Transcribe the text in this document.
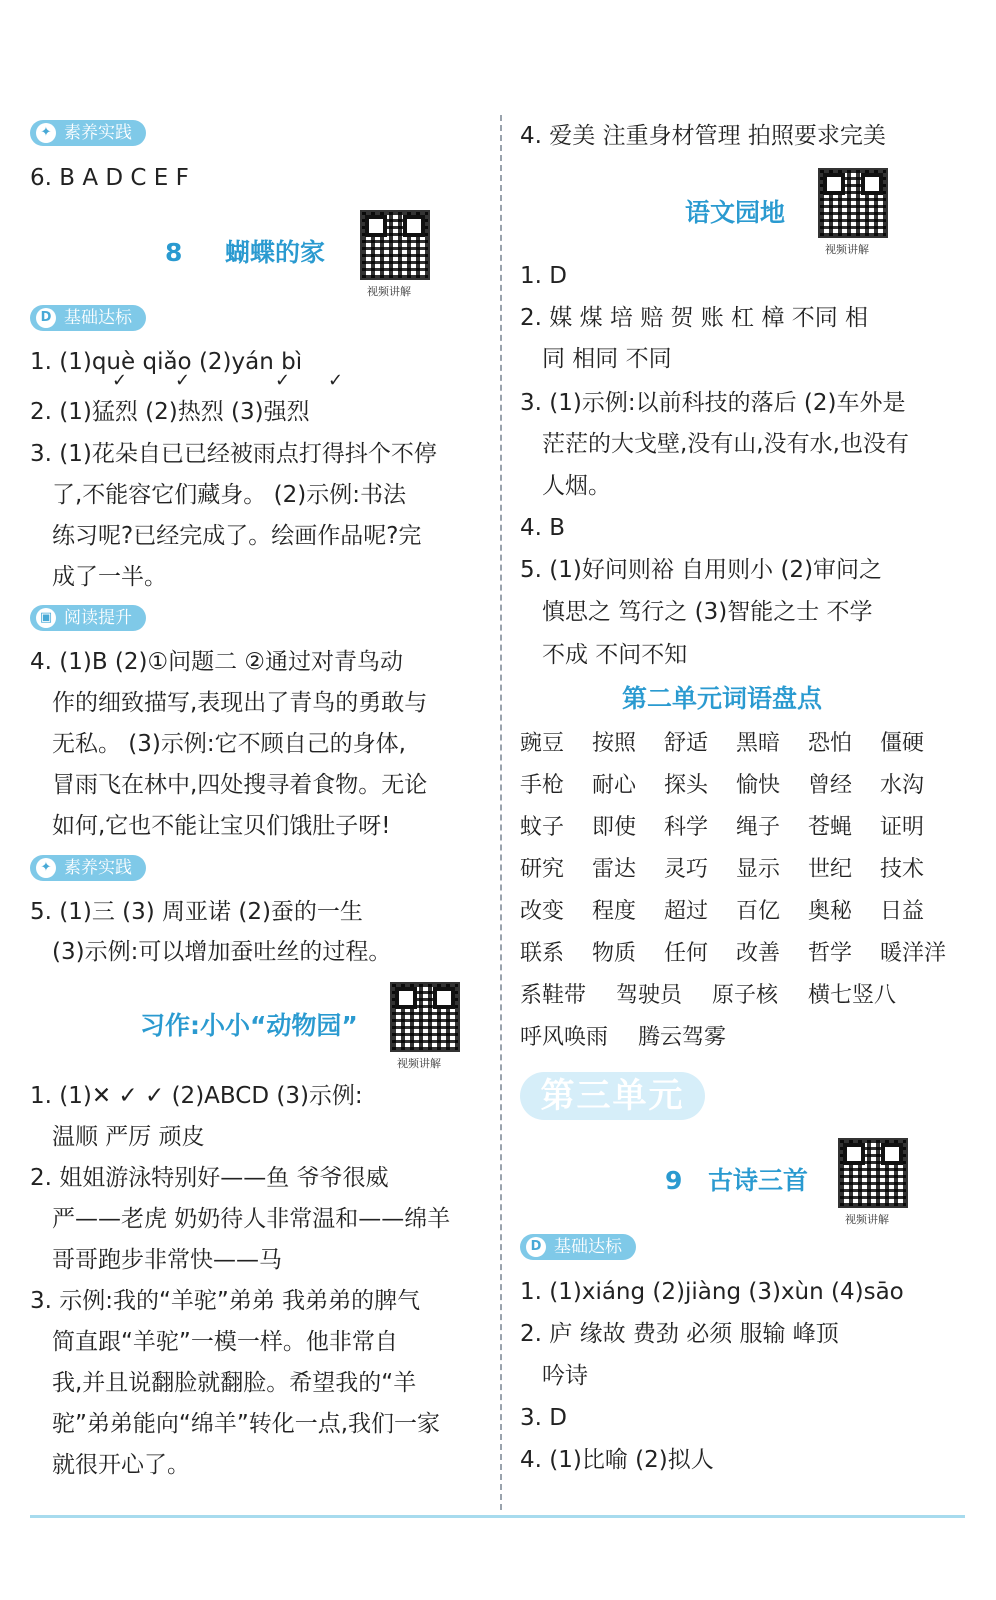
✦ 素养实践
6. B A D C E F
8 蝴蝶的家
视频讲解
D 基础达标
1. (1)què qiǎo (2)yán bì
✓	✓	✓ ✓
2. (1)猛烈 (2)热烈 (3)强烈
3. (1)花朵自已已经被雨点打得抖个不停
了,不能容它们藏身。 (2)示例:书法
练习呢?已经完成了。绘画作品呢?完
成了一半。
▣ 阅读提升
4. (1)B (2)①问题二 ②通过对青鸟动
作的细致描写,表现出了青鸟的勇敢与
无私。 (3)示例:它不顾自己的身体,
冒雨飞在林中,四处搜寻着食物。无论
如何,它也不能让宝贝们饿肚子呀!
✦ 素养实践
5. (1)三 (3) 周亚诺 (2)蚕的一生
(3)示例:可以增加蚕吐丝的过程。
习作:小小“动物园”
视频讲解
1. (1)✕ ✓ ✓ (2)ABCD (3)示例:
温顺 严厉 顽皮
2. 姐姐游泳特别好——鱼 爷爷很威
严——老虎 奶奶待人非常温和——绵羊
哥哥跑步非常快——马
3. 示例:我的“羊驼”弟弟 我弟弟的脾气
简直跟“羊驼”一模一样。他非常自
我,并且说翻脸就翻脸。希望我的“羊
驼”弟弟能向“绵羊”转化一点,我们一家
就很开心了。
4. 爱美 注重身材管理 拍照要求完美
语文园地
视频讲解
1. D
2. 媒 煤 培 赔 贺 账 杠 樟 不同 相
同 相同 不同
3. (1)示例:以前科技的落后 (2)车外是
茫茫的大戈壁,没有山,没有水,也没有
人烟。
4. B
5. (1)好问则裕 自用则小 (2)审问之
慎思之 笃行之 (3)智能之士 不学
不成 不问不知
第二单元词语盘点
豌豆 按照 舒适 黑暗 恐怕 僵硬
手枪 耐心 探头 愉快 曾经 水沟
蚊子 即使 科学 绳子 苍蝇 证明
研究 雷达 灵巧 显示 世纪 技术
改变 程度 超过 百亿 奥秘 日益
联系 物质 任何 改善 哲学 暖洋洋
系鞋带 驾驶员 原子核 横七竖八
呼风唤雨 腾云驾雾
第三单元
9 古诗三首
视频讲解
D 基础达标
1. (1)xiáng (2)jiàng (3)xùn (4)sāo
2. 庐 缘故 费劲 必须 服输 峰顶
吟诗
3. D
4. (1)比喻 (2)拟人
